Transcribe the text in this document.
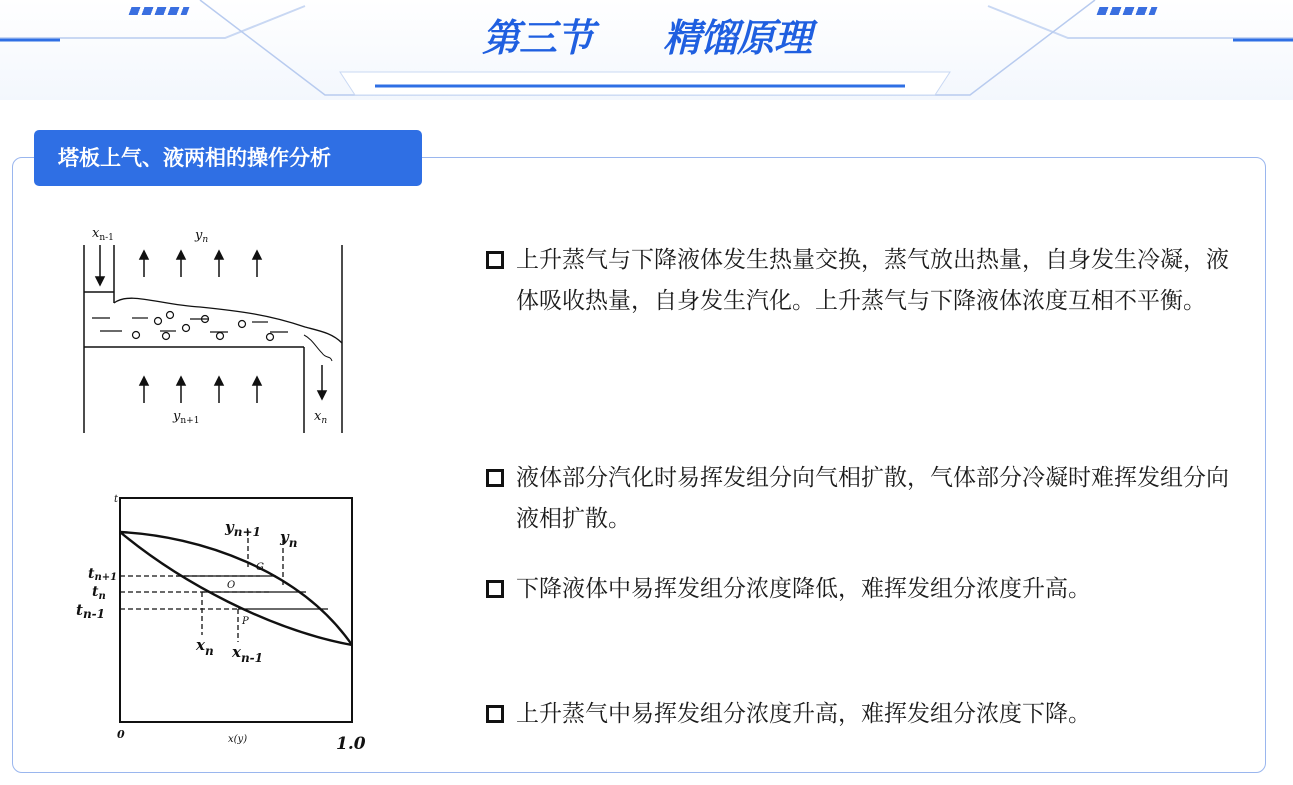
第三节 精馏原理
塔板上气、液两相的操作分析
$x_{n-1}$	$y_n$
$y_{n+1}$	$x_n$
t
x(y)
0	1.0
tn+1
$t_n$
$t_{n-1}$
$y_{n+1}$ $y_n$
$x_n$ $x_{n-1}$
G
O
P
上升蒸气与下降液体发生热量交换，蒸气放出热量，自身发生冷凝，液体吸收热量，自身发生汽化。上升蒸气与下降液体浓度互相不平衡。
液体部分汽化时易挥发组分向气相扩散，气体部分冷凝时难挥发组分向液相扩散。
下降液体中易挥发组分浓度降低，难挥发组分浓度升高。
上升蒸气中易挥发组分浓度升高，难挥发组分浓度下降。
